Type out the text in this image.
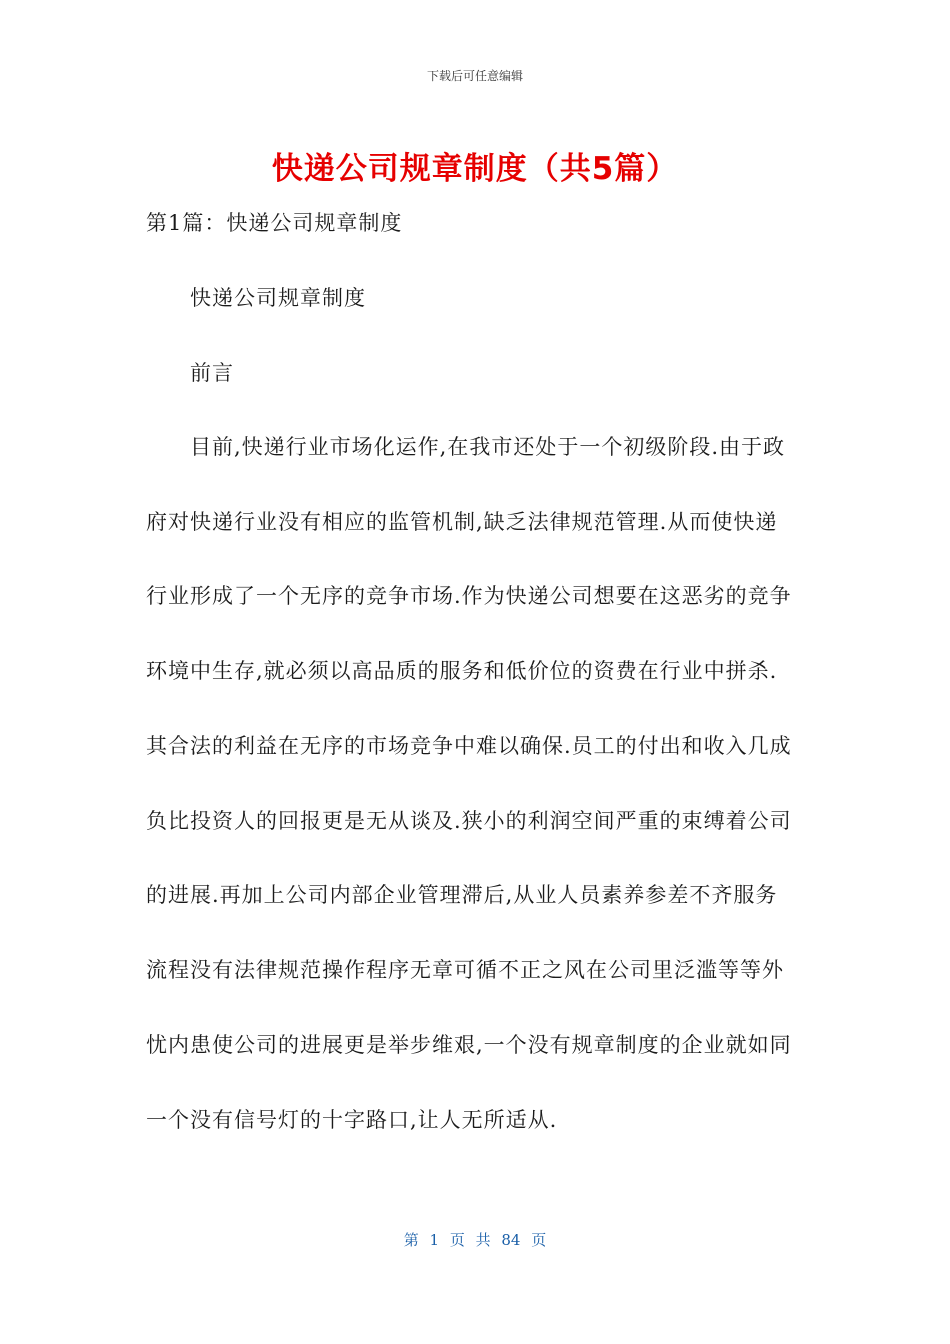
下载后可任意编辑
快递公司规章制度（共5篇）
第1篇：快递公司规章制度
快递公司规章制度
前言
目前,快递行业市场化运作,在我市还处于一个初级阶段.由于政
府对快递行业没有相应的监管机制,缺乏法律规范管理.从而使快递
行业形成了一个无序的竞争市场.作为快递公司想要在这恶劣的竞争
环境中生存,就必须以高品质的服务和低价位的资费在行业中拼杀.
其合法的利益在无序的市场竞争中难以确保.员工的付出和收入几成
负比投资人的回报更是无从谈及.狭小的利润空间严重的束缚着公司
的进展.再加上公司内部企业管理滞后,从业人员素养参差不齐服务
流程没有法律规范操作程序无章可循不正之风在公司里泛滥等等外
忧内患使公司的进展更是举步维艰,一个没有规章制度的企业就如同
一个没有信号灯的十字路口,让人无所适从.
第 1 页 共 84 页
